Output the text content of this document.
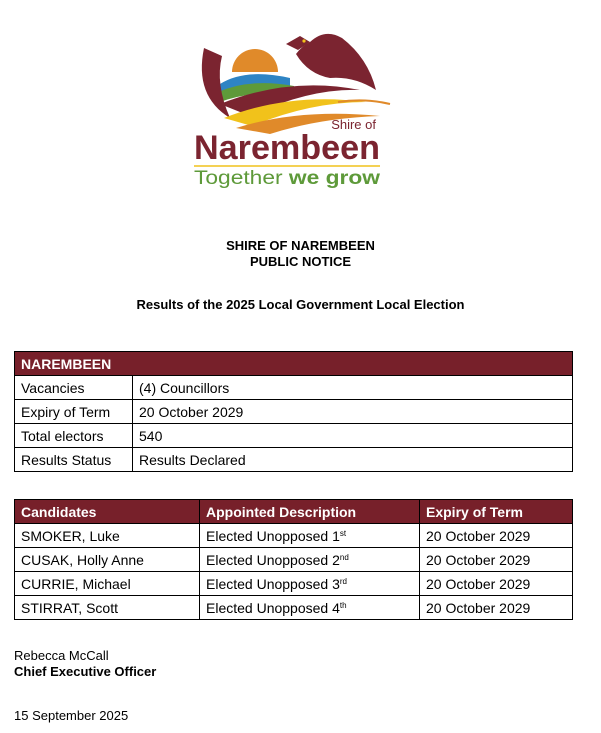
Shire of
Narembeen
Together we grow
SHIRE OF NAREMBEEN
PUBLIC NOTICE
Results of the 2025 Local Government Local Election
NAREMBEEN	
Vacancies	(4) Councillors
Expiry of Term	20 October 2029
Total electors	540
Results Status	Results Declared
Candidates	Appointed Description	Expiry of Term
SMOKER, Luke	Elected Unopposed 1st	20 October 2029
CUSAK, Holly Anne	Elected Unopposed 2nd	20 October 2029
CURRIE, Michael	Elected Unopposed 3rd	20 October 2029
STIRRAT, Scott	Elected Unopposed 4th	20 October 2029
Rebecca McCall
Chief Executive Officer
15 September 2025
